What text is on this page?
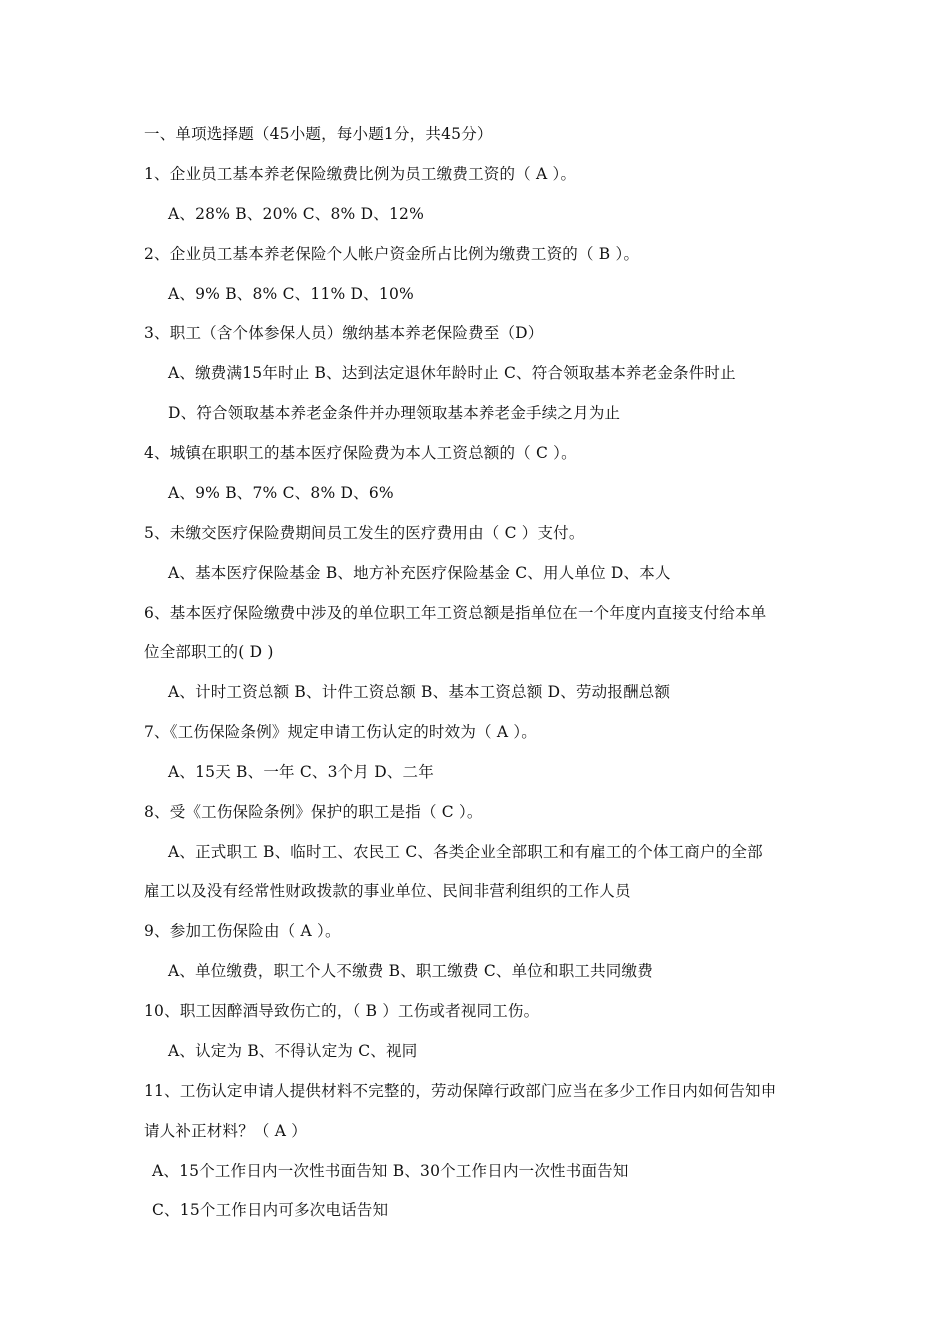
一、单项选择题（45小题，每小题1分，共45分）
1、企业员工基本养老保险缴费比例为员工缴费工资的（ A ）。
A、28% B、20% C、8% D、12%
2、企业员工基本养老保险个人帐户资金所占比例为缴费工资的（ B ）。
A、9% B、8% C、11% D、10%
3、职工（含个体参保人员）缴纳基本养老保险费至（D）
A、缴费满15年时止 B、达到法定退休年龄时止 C、符合领取基本养老金条件时止
D、符合领取基本养老金条件并办理领取基本养老金手续之月为止
4、城镇在职职工的基本医疗保险费为本人工资总额的（ C ）。
A、9% B、7% C、8% D、6%
5、未缴交医疗保险费期间员工发生的医疗费用由（ C ）支付。
A、基本医疗保险基金 B、地方补充医疗保险基金 C、用人单位 D、本人
6、基本医疗保险缴费中涉及的单位职工年工资总额是指单位在一个年度内直接支付给本单
位全部职工的( D )
A、计时工资总额 B、计件工资总额 B、基本工资总额 D、劳动报酬总额
7、《工伤保险条例》规定申请工伤认定的时效为（ A ）。
A、15天 B、一年 C、3个月 D、二年
8、受《工伤保险条例》保护的职工是指（ C ）。
A、正式职工 B、临时工、农民工 C、各类企业全部职工和有雇工的个体工商户的全部
雇工以及没有经常性财政拨款的事业单位、民间非营利组织的工作人员
9、参加工伤保险由（ A ）。
A、单位缴费，职工个人不缴费 B、职工缴费 C、单位和职工共同缴费
10、职工因醉酒导致伤亡的，（ B ）工伤或者视同工伤。
A、认定为 B、不得认定为 C、视同
11、工伤认定申请人提供材料不完整的，劳动保障行政部门应当在多少工作日内如何告知申
请人补正材料？（ A ）
A、15个工作日内一次性书面告知 B、30个工作日内一次性书面告知
C、15个工作日内可多次电话告知
